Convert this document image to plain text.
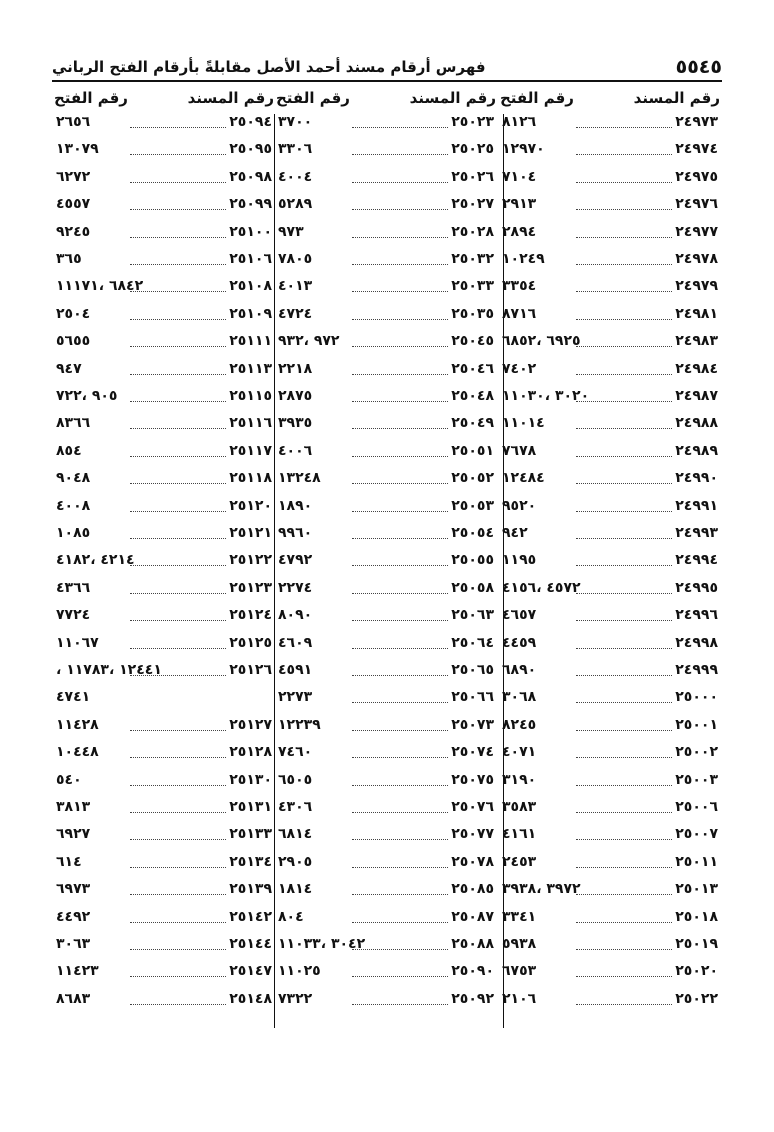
٥٥٤٥
فهرس أرقام مسند أحمد الأصل مقابلةً بأرقام الفتح الرباني
رقم المسند
رقم الفتح
٢٤٩٧٣
٨١٢٦
٢٤٩٧٤
١٢٩٧٠
٢٤٩٧٥
٧١٠٤
٢٤٩٧٦
٢٩١٣
٢٤٩٧٧
٢٨٩٤
٢٤٩٧٨
١٠٢٤٩
٢٤٩٧٩
٣٣٥٤
٢٤٩٨١
٨٧١٦
٢٤٩٨٣
٦٩٢٥ ،٦٨٥٢
٢٤٩٨٤
٧٤٠٢
٢٤٩٨٧
٣٠٢٠ ،١١٠٣٠
٢٤٩٨٨
١١٠١٤
٢٤٩٨٩
٧٦٧٨
٢٤٩٩٠
١٢٤٨٤
٢٤٩٩١
٩٥٢٠
٢٤٩٩٣
٩٤٢
٢٤٩٩٤
١١٩٥
٢٤٩٩٥
٤٥٧٢ ،٤١٥٦
٢٤٩٩٦
٤٦٥٧
٢٤٩٩٨
٤٤٥٩
٢٤٩٩٩
٦٨٩٠
٢٥٠٠٠
٣٠٦٨
٢٥٠٠١
٨٢٤٥
٢٥٠٠٢
٤٠٧١
٢٥٠٠٣
٣١٩٠
٢٥٠٠٦
٣٥٨٣
٢٥٠٠٧
٤١٦١
٢٥٠١١
٢٤٥٣
٢٥٠١٣
٣٩٧٢ ،٣٩٣٨
٢٥٠١٨
٣٣٤١
٢٥٠١٩
٥٩٣٨
٢٥٠٢٠
٦٧٥٣
٢٥٠٢٢
٢١٠٦
رقم المسند
رقم الفتح
٢٥٠٢٣
٣٧٠٠
٢٥٠٢٥
٣٣٠٦
٢٥٠٢٦
٤٠٠٤
٢٥٠٢٧
٥٢٨٩
٢٥٠٢٨
٩٧٣
٢٥٠٣٢
٧٨٠٥
٢٥٠٣٣
٤٠١٣
٢٥٠٣٥
٤٧٢٤
٢٥٠٤٥
٩٧٢ ،٩٣٢
٢٥٠٤٦
٢٢١٨
٢٥٠٤٨
٢٨٧٥
٢٥٠٤٩
٣٩٣٥
٢٥٠٥١
٤٠٠٦
٢٥٠٥٢
١٣٢٤٨
٢٥٠٥٣
١٨٩٠
٢٥٠٥٤
٩٩٦٠
٢٥٠٥٥
٤٧٩٢
٢٥٠٥٨
٢٢٧٤
٢٥٠٦٣
٨٠٩٠
٢٥٠٦٤
٤٦٠٩
٢٥٠٦٥
٤٥٩١
٢٥٠٦٦
٢٢٧٣
٢٥٠٧٣
١٢٢٣٩
٢٥٠٧٤
٧٤٦٠
٢٥٠٧٥
٦٥٠٥
٢٥٠٧٦
٤٣٠٦
٢٥٠٧٧
٦٨١٤
٢٥٠٧٨
٢٩٠٥
٢٥٠٨٥
١٨١٤
٢٥٠٨٧
٨٠٤
٢٥٠٨٨
٣٠٤٢ ،١١٠٣٣
٢٥٠٩٠
١١٠٢٥
٢٥٠٩٢
٧٣٢٢
رقم المسند
رقم الفتح
٢٥٠٩٤
٢٦٥٦
٢٥٠٩٥
١٣٠٧٩
٢٥٠٩٨
٦٢٧٢
٢٥٠٩٩
٤٥٥٧
٢٥١٠٠
٩٢٤٥
٢٥١٠٦
٣٦٥
٢٥١٠٨
٦٨٤٢ ،١١١٧١
٢٥١٠٩
٢٥٠٤
٢٥١١١
٥٦٥٥
٢٥١١٣
٩٤٧
٢٥١١٥
٩٠٥ ،٧٢٢
٢٥١١٦
٨٣٦٦
٢٥١١٧
٨٥٤
٢٥١١٨
٩٠٤٨
٢٥١٢٠
٤٠٠٨
٢٥١٢١
١٠٨٥
٢٥١٢٢
٤٢١٤ ،٤١٨٢
٢٥١٢٣
٤٣٦٦
٢٥١٢٤
٧٧٢٤
٢٥١٢٥
١١٠٦٧
٢٥١٢٦
١٢٤٤١ ،١١٧٨٣ ،
٤٧٤١
٢٥١٢٧
١١٤٢٨
٢٥١٢٨
١٠٤٤٨
٢٥١٣٠
٥٤٠
٢٥١٣١
٣٨١٣
٢٥١٣٣
٦٩٢٧
٢٥١٣٤
٦١٤
٢٥١٣٩
٦٩٧٣
٢٥١٤٢
٤٤٩٢
٢٥١٤٤
٣٠٦٣
٢٥١٤٧
١١٤٢٣
٢٥١٤٨
٨٦٨٣
